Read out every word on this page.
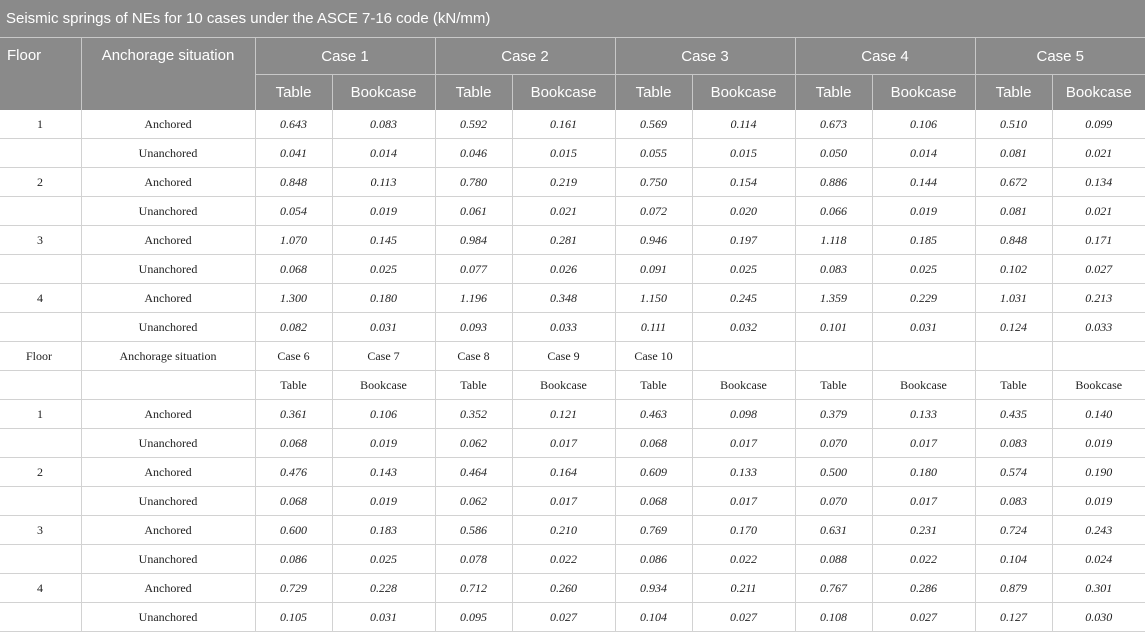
Seismic springs of NEs for 10 cases under the ASCE 7-16 code (kN/mm)
Floor	Anchorage situation	Case 1		Case 2		Case 3		Case 4		Case 5	
		Table	Bookcase	Table	Bookcase	Table	Bookcase	Table	Bookcase	Table	Bookcase
1	Anchored	0.643	0.083	0.592	0.161	0.569	0.114	0.673	0.106	0.510	0.099
	Unanchored	0.041	0.014	0.046	0.015	0.055	0.015	0.050	0.014	0.081	0.021
2	Anchored	0.848	0.113	0.780	0.219	0.750	0.154	0.886	0.144	0.672	0.134
	Unanchored	0.054	0.019	0.061	0.021	0.072	0.020	0.066	0.019	0.081	0.021
3	Anchored	1.070	0.145	0.984	0.281	0.946	0.197	1.118	0.185	0.848	0.171
	Unanchored	0.068	0.025	0.077	0.026	0.091	0.025	0.083	0.025	0.102	0.027
4	Anchored	1.300	0.180	1.196	0.348	1.150	0.245	1.359	0.229	1.031	0.213
	Unanchored	0.082	0.031	0.093	0.033	0.111	0.032	0.101	0.031	0.124	0.033
Floor	Anchorage situation	Case 6	Case 7	Case 8	Case 9	Case 10					
		Table	Bookcase	Table	Bookcase	Table	Bookcase	Table	Bookcase	Table	Bookcase
1	Anchored	0.361	0.106	0.352	0.121	0.463	0.098	0.379	0.133	0.435	0.140
	Unanchored	0.068	0.019	0.062	0.017	0.068	0.017	0.070	0.017	0.083	0.019
2	Anchored	0.476	0.143	0.464	0.164	0.609	0.133	0.500	0.180	0.574	0.190
	Unanchored	0.068	0.019	0.062	0.017	0.068	0.017	0.070	0.017	0.083	0.019
3	Anchored	0.600	0.183	0.586	0.210	0.769	0.170	0.631	0.231	0.724	0.243
	Unanchored	0.086	0.025	0.078	0.022	0.086	0.022	0.088	0.022	0.104	0.024
4	Anchored	0.729	0.228	0.712	0.260	0.934	0.211	0.767	0.286	0.879	0.301
	Unanchored	0.105	0.031	0.095	0.027	0.104	0.027	0.108	0.027	0.127	0.030
